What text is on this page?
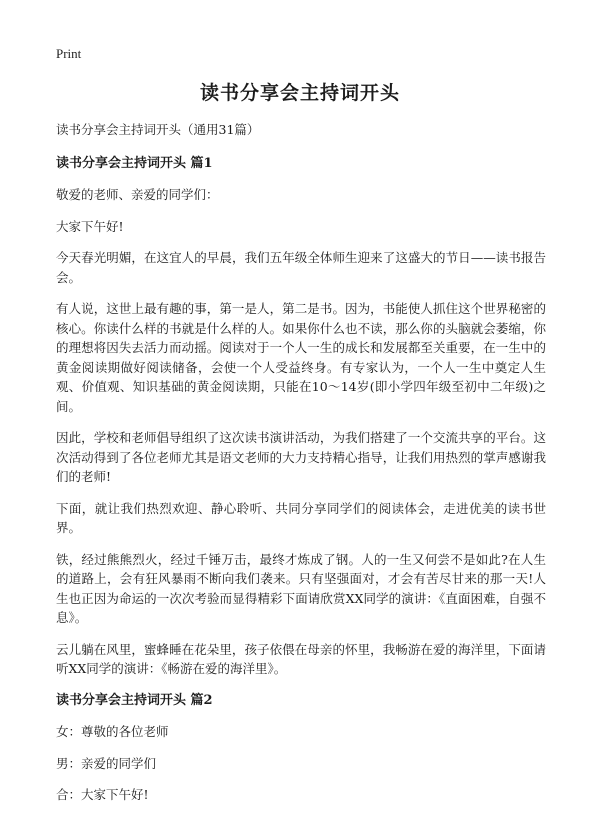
Print
读书分享会主持词开头

读书分享会主持词开头（通用31篇）

读书分享会主持词开头 篇1

敬爱的老师、亲爱的同学们：

大家下午好!

今天春光明媚，在这宜人的早晨，我们五年级全体师生迎来了这盛大的节日——读书报告会。

有人说，这世上最有趣的事，第一是人，第二是书。因为，书能使人抓住这个世界秘密的核心。你读什么样的书就是什么样的人。如果你什么也不读，那么你的头脑就会萎缩，你的理想将因失去活力而动摇。阅读对于一个人一生的成长和发展都至关重要，在一生中的黄金阅读期做好阅读储备，会使一个人受益终身。有专家认为，一个人一生中奠定人生观、价值观、知识基础的黄金阅读期，只能在10～14岁(即小学四年级至初中二年级)之间。

因此，学校和老师倡导组织了这次读书演讲活动，为我们搭建了一个交流共享的平台。这次活动得到了各位老师尤其是语文老师的大力支持精心指导，让我们用热烈的掌声感谢我们的老师!

下面，就让我们热烈欢迎、静心聆听、共同分享同学们的阅读体会，走进优美的读书世界。

铁，经过熊熊烈火，经过千锤万击，最终才炼成了钢。人的一生又何尝不是如此?在人生的道路上，会有狂风暴雨不断向我们袭来。只有坚强面对，才会有苦尽甘来的那一天!人生也正因为命运的一次次考验而显得精彩下面请欣赏XX同学的演讲：《直面困难，自强不息》。

云儿躺在风里，蜜蜂睡在花朵里，孩子依偎在母亲的怀里，我畅游在爱的海洋里，下面请听XX同学的演讲：《畅游在爱的海洋里》。

读书分享会主持词开头 篇2

女：尊敬的各位老师

男：亲爱的同学们

合：大家下午好!
